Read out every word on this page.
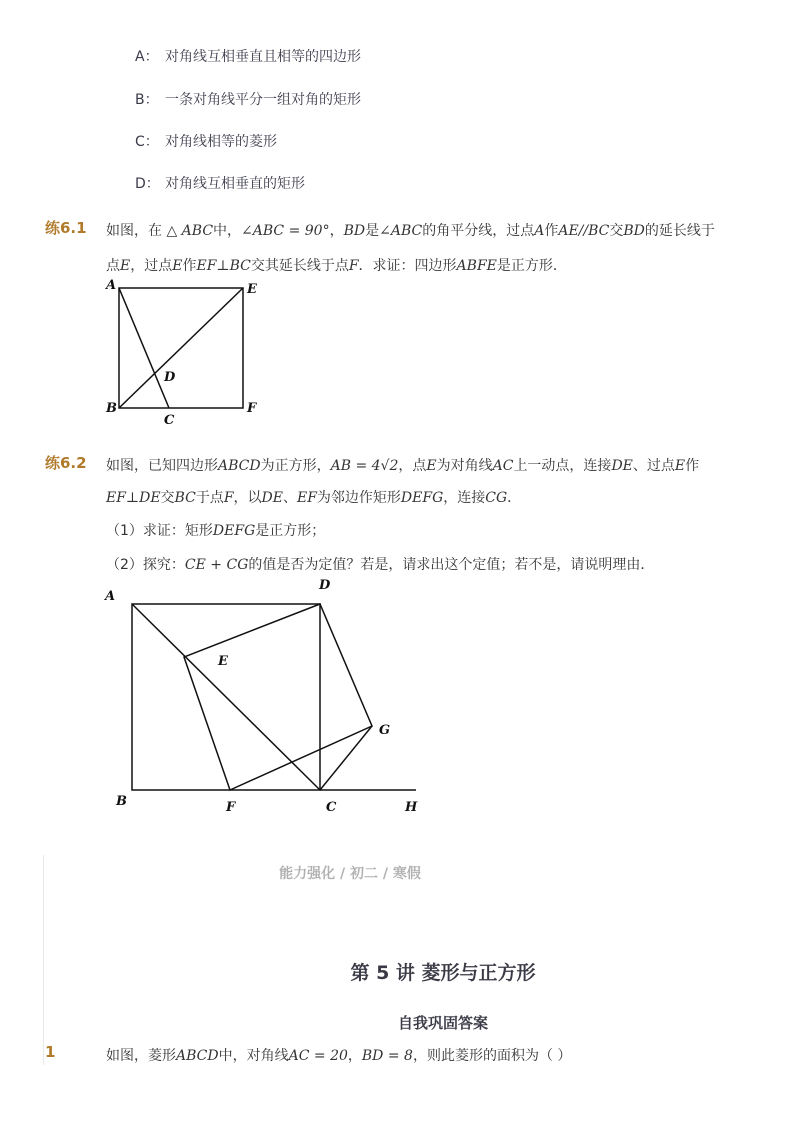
A： 对角线互相垂直且相等的四边形
B： 一条对角线平分一组对角的矩形
C： 对角线相等的菱形
D： 对角线互相垂直的矩形
练6.1 如图，在 △ ABC中，∠ABC = 90°，BD是∠ABC的角平分线，过点A作AE//BC交BD的延长线于
点E，过点E作EF⊥BC交其延长线于点F．求证：四边形ABFE是正方形．
A	E
D
B
C
F
练6.2 如图，已知四边形ABCD为正方形，AB = 4√2，点E为对角线AC上一动点，连接DE、过点E作
EF⊥DE交BC于点F，以DE、EF为邻边作矩形DEFG，连接CG．
（1）求证：矩形DEFG是正方形；
（2）探究：CE + CG的值是否为定值？若是，请求出这个定值；若不是，请说明理由．
A
D
E
G
B	F	C	H
能力强化 / 初二 / 寒假
第 5 讲 菱形与正方形
自我巩固答案
1	如图，菱形ABCD中，对角线AC = 20，BD = 8，则此菱形的面积为（ ）
